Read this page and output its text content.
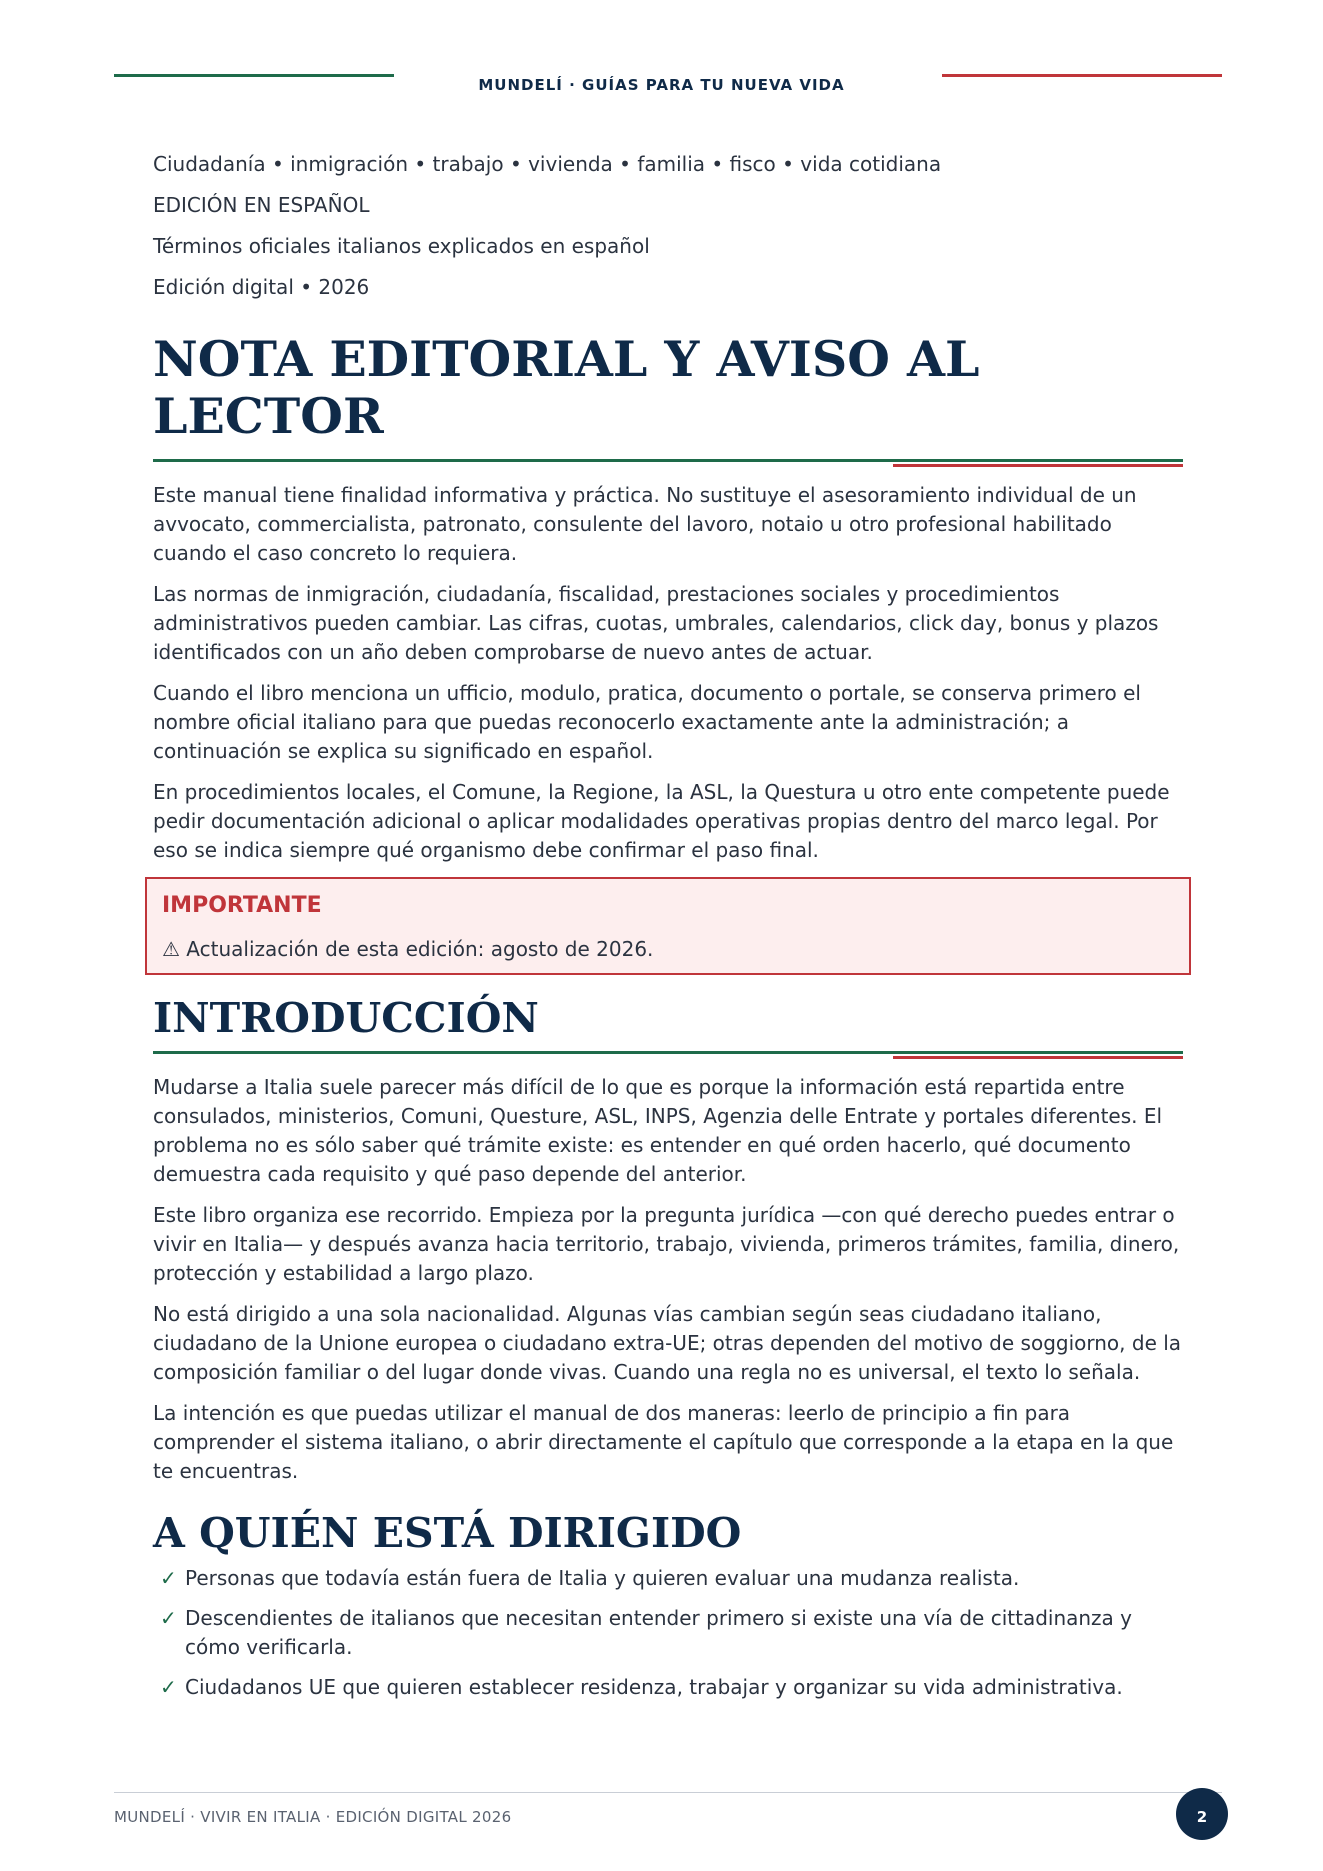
MUNDELÍ · GUÍAS PARA TU NUEVA VIDA
Ciudadanía • inmigración • trabajo • vivienda • familia • fisco • vida cotidiana
EDICIÓN EN ESPAÑOL
Términos oficiales italianos explicados en español
Edición digital • 2026
NOTA EDITORIAL Y AVISO AL LECTOR

Este manual tiene finalidad informativa y práctica. No sustituye el asesoramiento individual de un avvocato, commercialista, patronato, consulente del lavoro, notaio u otro profesional habilitado cuando el caso concreto lo requiera.

Las normas de inmigración, ciudadanía, fiscalidad, prestaciones sociales y procedimientos administrativos pueden cambiar. Las cifras, cuotas, umbrales, calendarios, click day, bonus y plazos identificados con un año deben comprobarse de nuevo antes de actuar.

Cuando el libro menciona un ufficio, modulo, pratica, documento o portale, se conserva primero el nombre oficial italiano para que puedas reconocerlo exactamente ante la administración; a continuación se explica su significado en español.

En procedimientos locales, el Comune, la Regione, la ASL, la Questura u otro ente competente puede pedir documentación adicional o aplicar modalidades operativas propias dentro del marco legal. Por eso se indica siempre qué organismo debe confirmar el paso final.

IMPORTANTE
⚠ Actualización de esta edición: agosto de 2026.
INTRODUCCIÓN

Mudarse a Italia suele parecer más difícil de lo que es porque la información está repartida entre consulados, ministerios, Comuni, Questure, ASL, INPS, Agenzia delle Entrate y portales diferentes. El problema no es sólo saber qué trámite existe: es entender en qué orden hacerlo, qué documento demuestra cada requisito y qué paso depende del anterior.

Este libro organiza ese recorrido. Empieza por la pregunta jurídica —con qué derecho puedes entrar o vivir en Italia— y después avanza hacia territorio, trabajo, vivienda, primeros trámites, familia, dinero, protección y estabilidad a largo plazo.

No está dirigido a una sola nacionalidad. Algunas vías cambian según seas ciudadano italiano, ciudadano de la Unione europea o ciudadano extra-UE; otras dependen del motivo de soggiorno, de la composición familiar o del lugar donde vivas. Cuando una regla no es universal, el texto lo señala.

La intención es que puedas utilizar el manual de dos maneras: leerlo de principio a fin para comprender el sistema italiano, o abrir directamente el capítulo que corresponde a la etapa en la que te encuentras.

A QUIÉN ESTÁ DIRIGIDO
✓ Personas que todavía están fuera de Italia y quieren evaluar una mudanza realista.
✓ Descendientes de italianos que necesitan entender primero si existe una vía de cittadinanza y cómo verificarla.
✓ Ciudadanos UE que quieren establecer residenza, trabajar y organizar su vida administrativa.
MUNDELÍ · VIVIR EN ITALIA · EDICIÓN DIGITAL 2026	2
